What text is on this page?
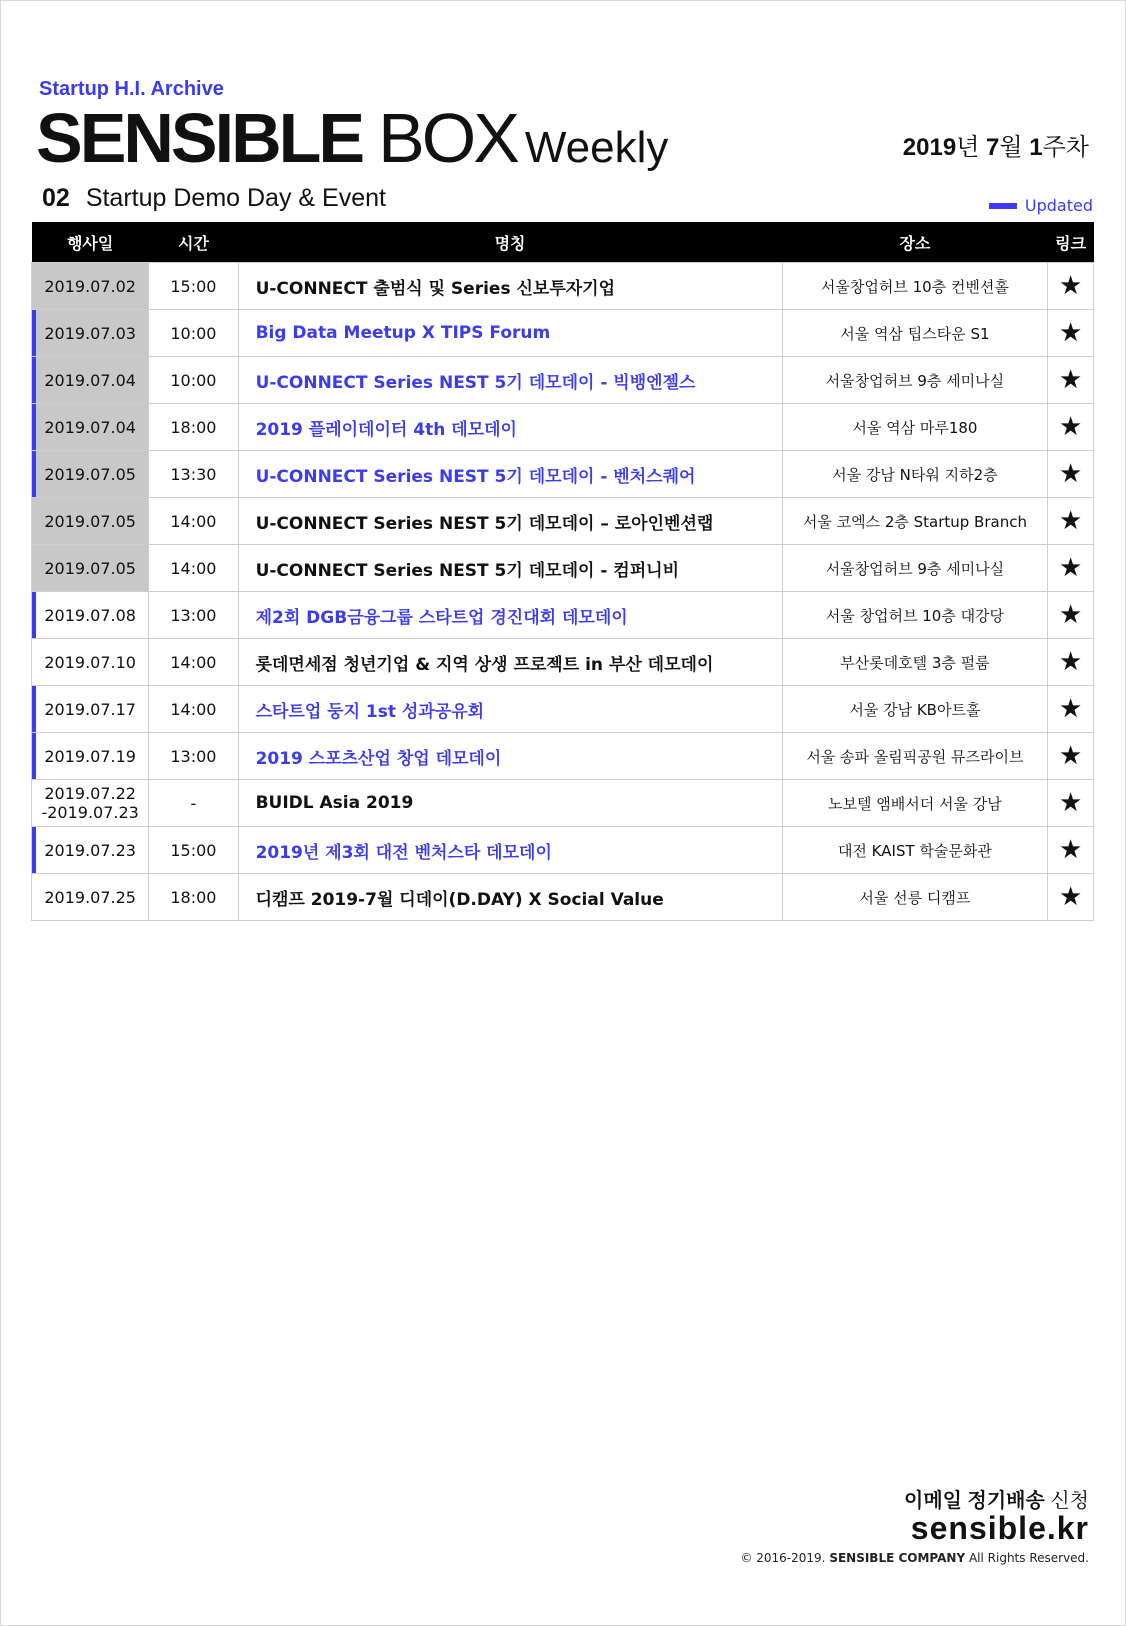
Startup H.I. Archive
SENSIBLE BOX Weekly	2019년 7월 1주차
02 Startup Demo Day & Event	Updated
행사일	시간	명칭	장소	링크

2019.07.02	15:00	U-CONNECT 출범식 및 Series 신보투자기업	서울창업허브 10층 컨벤션홀	★

2019.07.03	10:00	Big Data Meetup X TIPS Forum	서울 역삼 팁스타운 S1	★

2019.07.04	10:00	U-CONNECT Series NEST 5기 데모데이 - 빅뱅엔젤스	서울창업허브 9층 세미나실	★

2019.07.04	18:00	2019 플레이데이터 4th 데모데이	서울 역삼 마루180	★

2019.07.05	13:30	U-CONNECT Series NEST 5기 데모데이 - 벤처스퀘어	서울 강남 N타워 지하2층	★

2019.07.05	14:00	U-CONNECT Series NEST 5기 데모데이 – 로아인벤션랩	서울 코엑스 2층 Startup Branch	★

2019.07.05	14:00	U-CONNECT Series NEST 5기 데모데이 - 컴퍼니비	서울창업허브 9층 세미나실	★

2019.07.08	13:00	제2회 DGB금융그룹 스타트업 경진대회 데모데이	서울 창업허브 10층 대강당	★

2019.07.10	14:00	롯데면세점 청년기업 & 지역 상생 프로젝트 in 부산 데모데이	부산롯데호텔 3층 펄룸	★

2019.07.17	14:00	스타트업 둥지 1st 성과공유회	서울 강남 KB아트홀	★

2019.07.19	13:00	2019 스포츠산업 창업 데모데이	서울 송파 올림픽공원 뮤즈라이브	★

2019.07.22
-2019.07.23	-	BUIDL Asia 2019	노보텔 앰배서더 서울 강남	★

2019.07.23	15:00	2019년 제3회 대전 벤처스타 데모데이	대전 KAIST 학술문화관	★

2019.07.25	18:00	디캠프 2019-7월 디데이(D.DAY) X Social Value	서울 선릉 디캠프	★
이메일 정기배송 신청
sensible.kr
© 2016-2019. SENSIBLE COMPANY All Rights Reserved.
